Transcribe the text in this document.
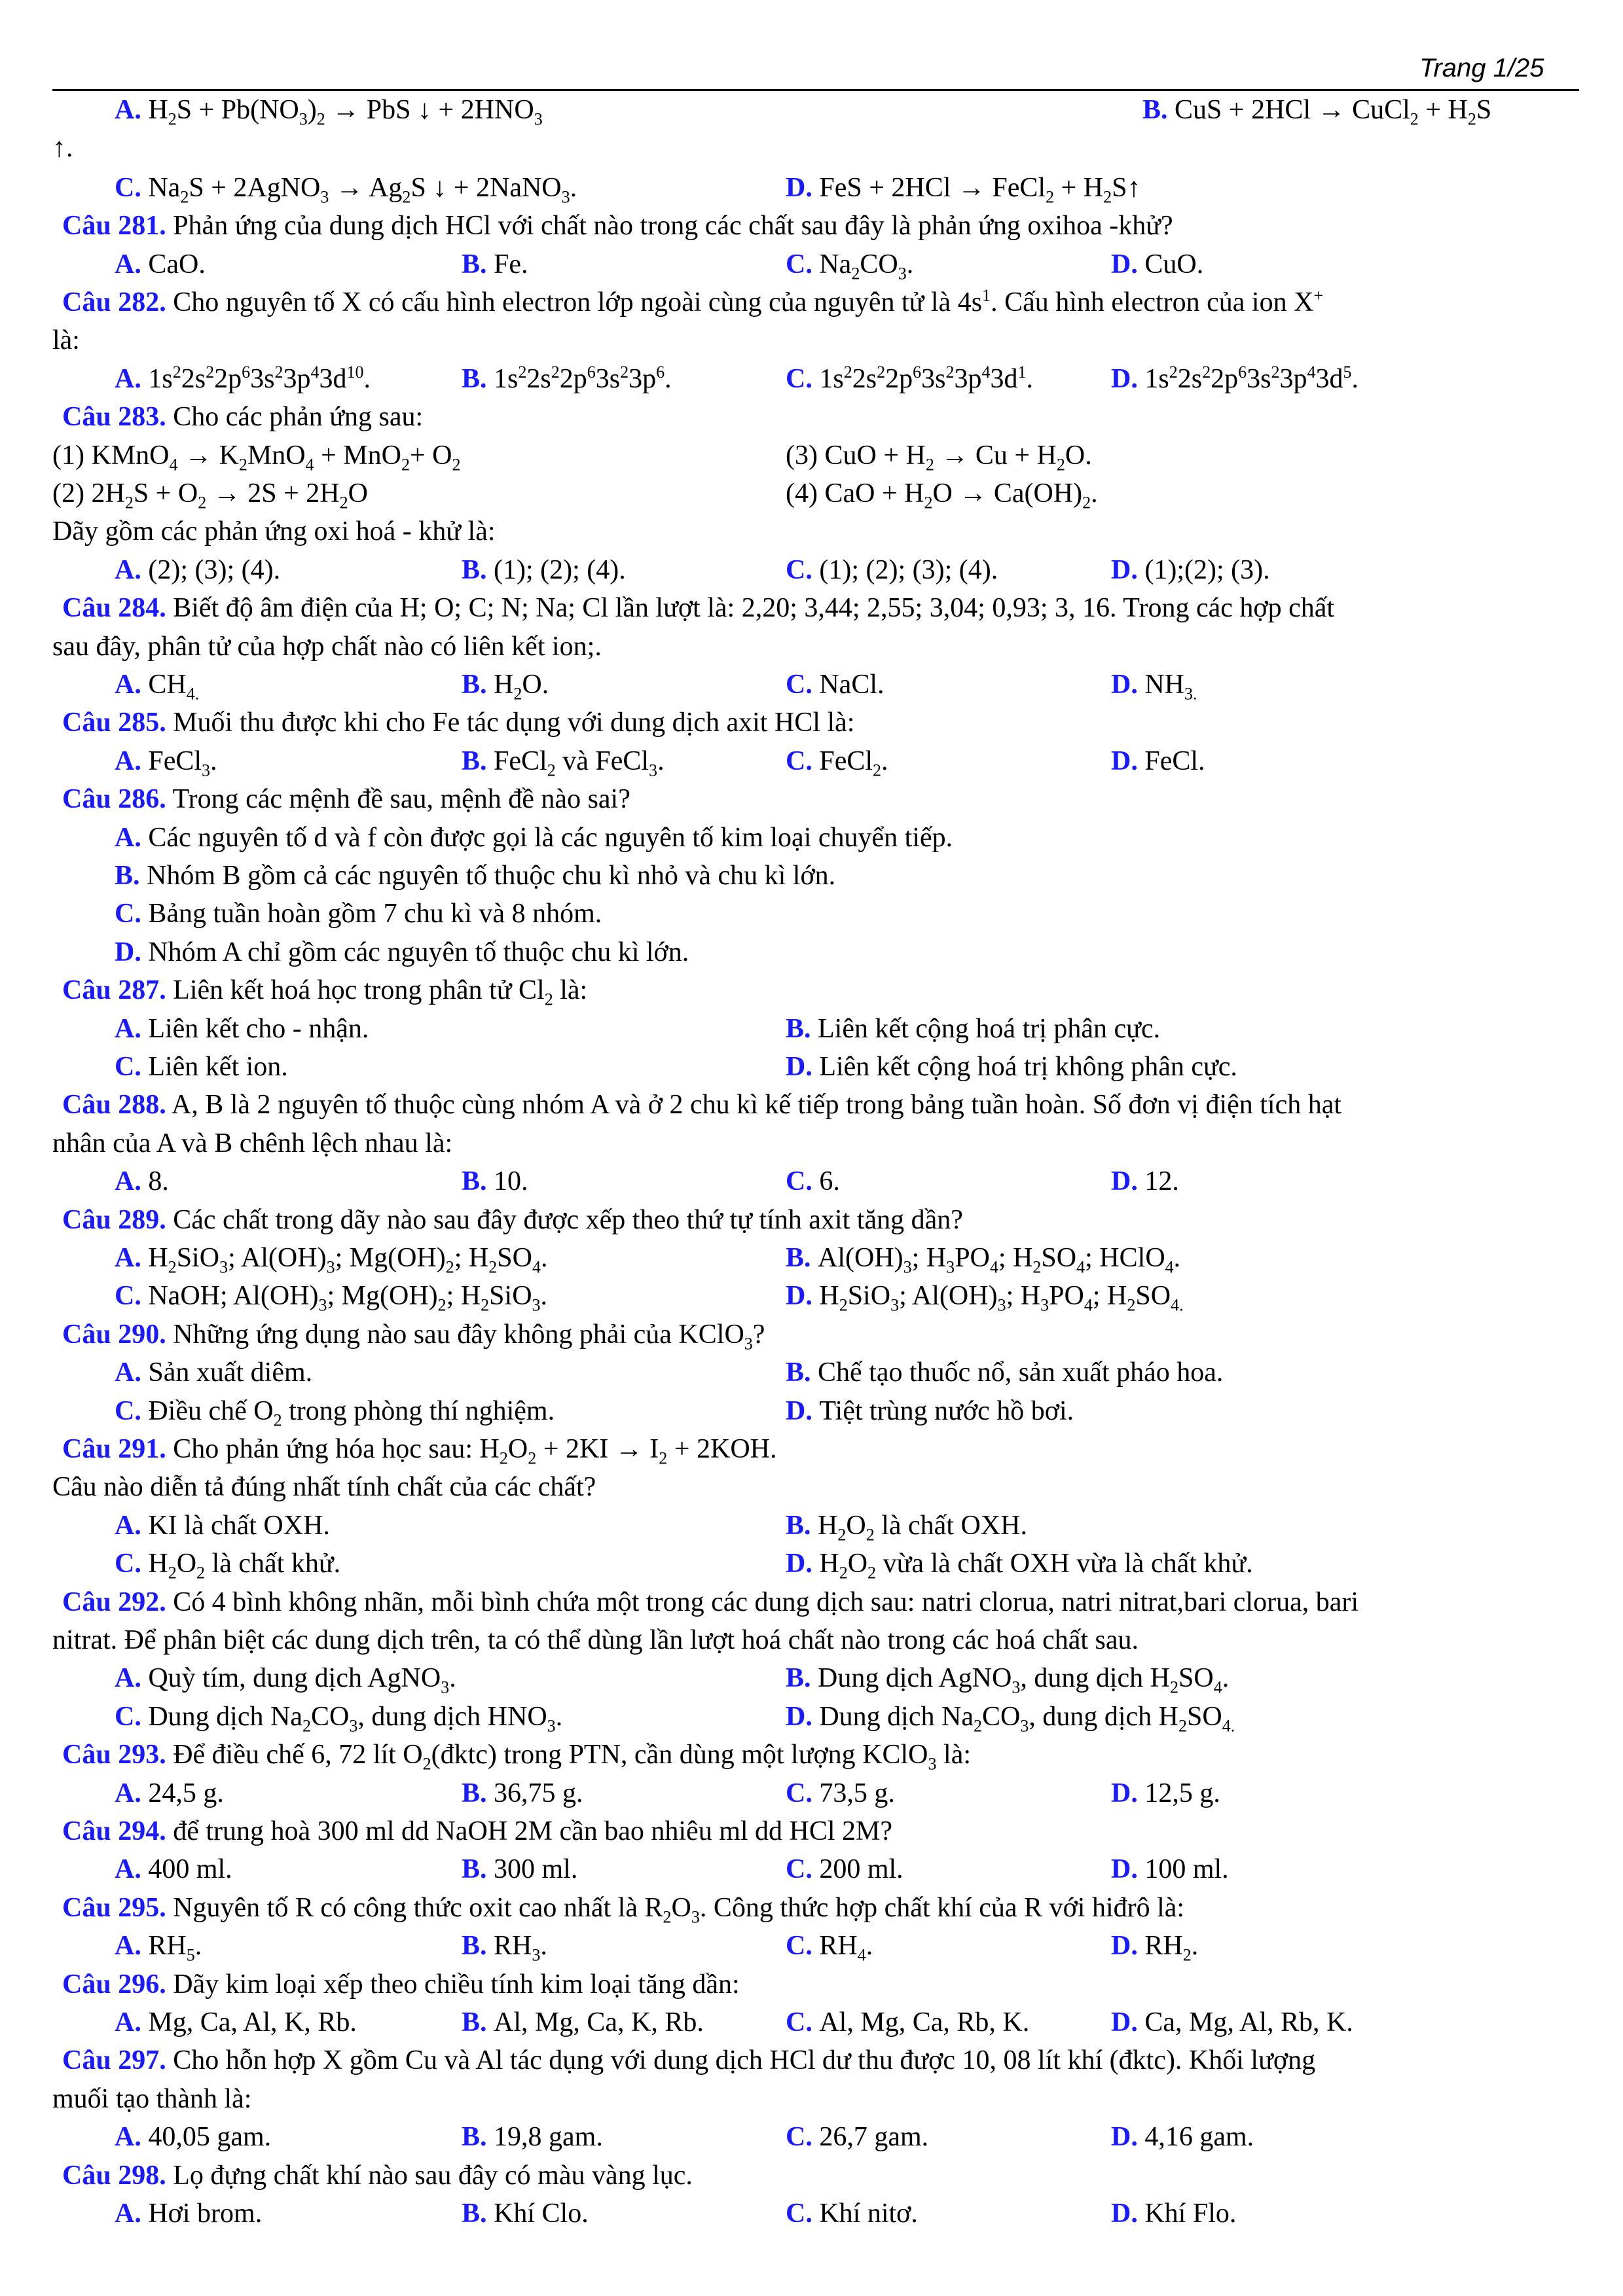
Trang 1/25
A. $H_2S + Pb(NO_3)_2$ → PbS ↓ + $2HNO_3$	B. CuS + 2HCl → CuCl$_2$ + $H_2S$
↑.
C. $Na_2S$ + 2AgNO$_3$ → $Ag_2S$ ↓ + 2NaNO$_3$.	D. FeS + 2HCl → FeCl$_2$ + $H_2S↑$
Câu 281. Phản ứng của dung dịch HCl với chất nào trong các chất sau đây là phản ứng oxihoa -khử?
A. CaO.	B. Fe.	C. $Na_2CO_3$.	D. CuO.
Câu 282. Cho nguyên tố X có cấu hình electron lớp ngoài cùng của nguyên tử là $4s^1$. Cấu hình electron của ion X+
là:
A. $1s^22s^22p^63s^23p^43d^{10}$.	B. $1s^22s^22p^63s^23p^6$.	C. $1s^22s^22p^63s^23p^43d^1$.	D. $1s^22s^22p^63s^23p^43d^5$.
Câu 283. Cho các phản ứng sau:
(1) KMnO$_4$ → $K_2MnO_4 + MnO_2+ O_2$	(3) CuO + $H_2 \to Cu + H_2O$.
(2) $2H_2S + O_2 \to 2S + 2H_2O$	(4) CaO + $H_2O \to Ca(OH)_2$.
Dãy gồm các phản ứng oxi hoá - khử là:
A. (2); (3); (4).	B. (1); (2); (4).	C. (1); (2); (3); (4).	D. (1);(2); (3).
Câu 284. Biết độ âm điện của H; O; C; N; Na; Cl lần lượt là: 2,20; 3,44; 2,55; 3,04; 0,93; 3, 16. Trong các hợp chất
sau đây, phân tử của hợp chất nào có liên kết ion;.
A. $CH_{4.}$	B. $H_2O$.	C. NaCl.	D. $NH_{3.}$
Câu 285. Muối thu được khi cho Fe tác dụng với dung dịch axit HCl là:
A. FeCl$_3$.	B. FeCl$_2$ và FeCl$_3$.	C. FeCl$_2$.	D. FeCl.
Câu 286. Trong các mệnh đề sau, mệnh đề nào sai?
A. Các nguyên tố d và f còn được gọi là các nguyên tố kim loại chuyển tiếp.
B. Nhóm B gồm cả các nguyên tố thuộc chu kì nhỏ và chu kì lớn.
C. Bảng tuần hoàn gồm 7 chu kì và 8 nhóm.
D. Nhóm A chỉ gồm các nguyên tố thuộc chu kì lớn.
Câu 287. Liên kết hoá học trong phân tử $Cl_2$ là:
A. Liên kết cho - nhận.	B. Liên kết cộng hoá trị phân cực.
C. Liên kết ion.	D. Liên kết cộng hoá trị không phân cực.
Câu 288. A, B là 2 nguyên tố thuộc cùng nhóm A và ở 2 chu kì kế tiếp trong bảng tuần hoàn. Số đơn vị điện tích hạt
nhân của A và B chênh lệch nhau là:
A. 8.	B. 10.	C. 6.	D. 12.
Câu 289. Các chất trong dãy nào sau đây được xếp theo thứ tự tính axit tăng dần?
A. $H_2SiO_3$; $Al(OH)_3$; $Mg(OH)_2$; $H_2SO_4$.	B. $Al(OH)_3$; $H_3PO_4$; $H_2SO_4$; HClO$_4$.
C. NaOH; $Al(OH)_3$; $Mg(OH)_2$; $H_2SiO_3$.	D. $H_2SiO_3$; $Al(OH)_3$; $H_3PO_4$; $H_2SO_{4.}$
Câu 290. Những ứng dụng nào sau đây không phải của KClO$_3$?
A. Sản xuất diêm.	B. Chế tạo thuốc nổ, sản xuất pháo hoa.
C. Điều chế $O_2$ trong phòng thí nghiệm.	D. Tiệt trùng nước hồ bơi.
Câu 291. Cho phản ứng hóa học sau: $H_2O_2 + 2KI \to I_2 + 2KOH$.
Câu nào diễn tả đúng nhất tính chất của các chất?
A. KI là chất OXH.	B. $H_2O_2$ là chất OXH.
C. $H_2O_2$ là chất khử.	D. $H_2O_2$ vừa là chất OXH vừa là chất khử.
Câu 292. Có 4 bình không nhãn, mỗi bình chứa một trong các dung dịch sau: natri clorua, natri nitrat,bari clorua, bari
nitrat. Để phân biệt các dung dịch trên, ta có thể dùng lần lượt hoá chất nào trong các hoá chất sau.
A. Quỳ tím, dung dịch AgNO$_3$.	B. Dung dịch AgNO$_3$, dung dịch $H_2SO_4$.
C. Dung dịch $Na_2CO_3$, dung dịch $HNO_3$.	D. Dung dịch $Na_2CO_3$, dung dịch $H_2SO_{4.}$
Câu 293. Để điều chế 6, 72 lít $O_2(đktc)$ trong PTN, cần dùng một lượng KClO$_3$ là:
A. 24,5 g.	B. 36,75 g.	C. 73,5 g.	D. 12,5 g.
Câu 294. để trung hoà 300 ml dd NaOH 2M cần bao nhiêu ml dd HCl 2M?
A. 400 ml.	B. 300 ml.	C. 200 ml.	D. 100 ml.
Câu 295. Nguyên tố R có công thức oxit cao nhất là $R_2O_3$. Công thức hợp chất khí của R với hiđrô là:
A. $RH_5$.	B. $RH_3$.	C. $RH_4$.	D. $RH_2$.
Câu 296. Dãy kim loại xếp theo chiều tính kim loại tăng dần:
A. Mg, Ca, Al, K, Rb.	B. Al, Mg, Ca, K, Rb.	C. Al, Mg, Ca, Rb, K.	D. Ca, Mg, Al, Rb, K.
Câu 297. Cho hỗn hợp X gồm Cu và Al tác dụng với dung dịch HCl dư thu được 10, 08 lít khí (đktc). Khối lượng
muối tạo thành là:
A. 40,05 gam.	B. 19,8 gam.	C. 26,7 gam.	D. 4,16 gam.
Câu 298. Lọ đựng chất khí nào sau đây có màu vàng lục.
A. Hơi brom.	B. Khí Clo.	C. Khí nitơ.	D. Khí Flo.
